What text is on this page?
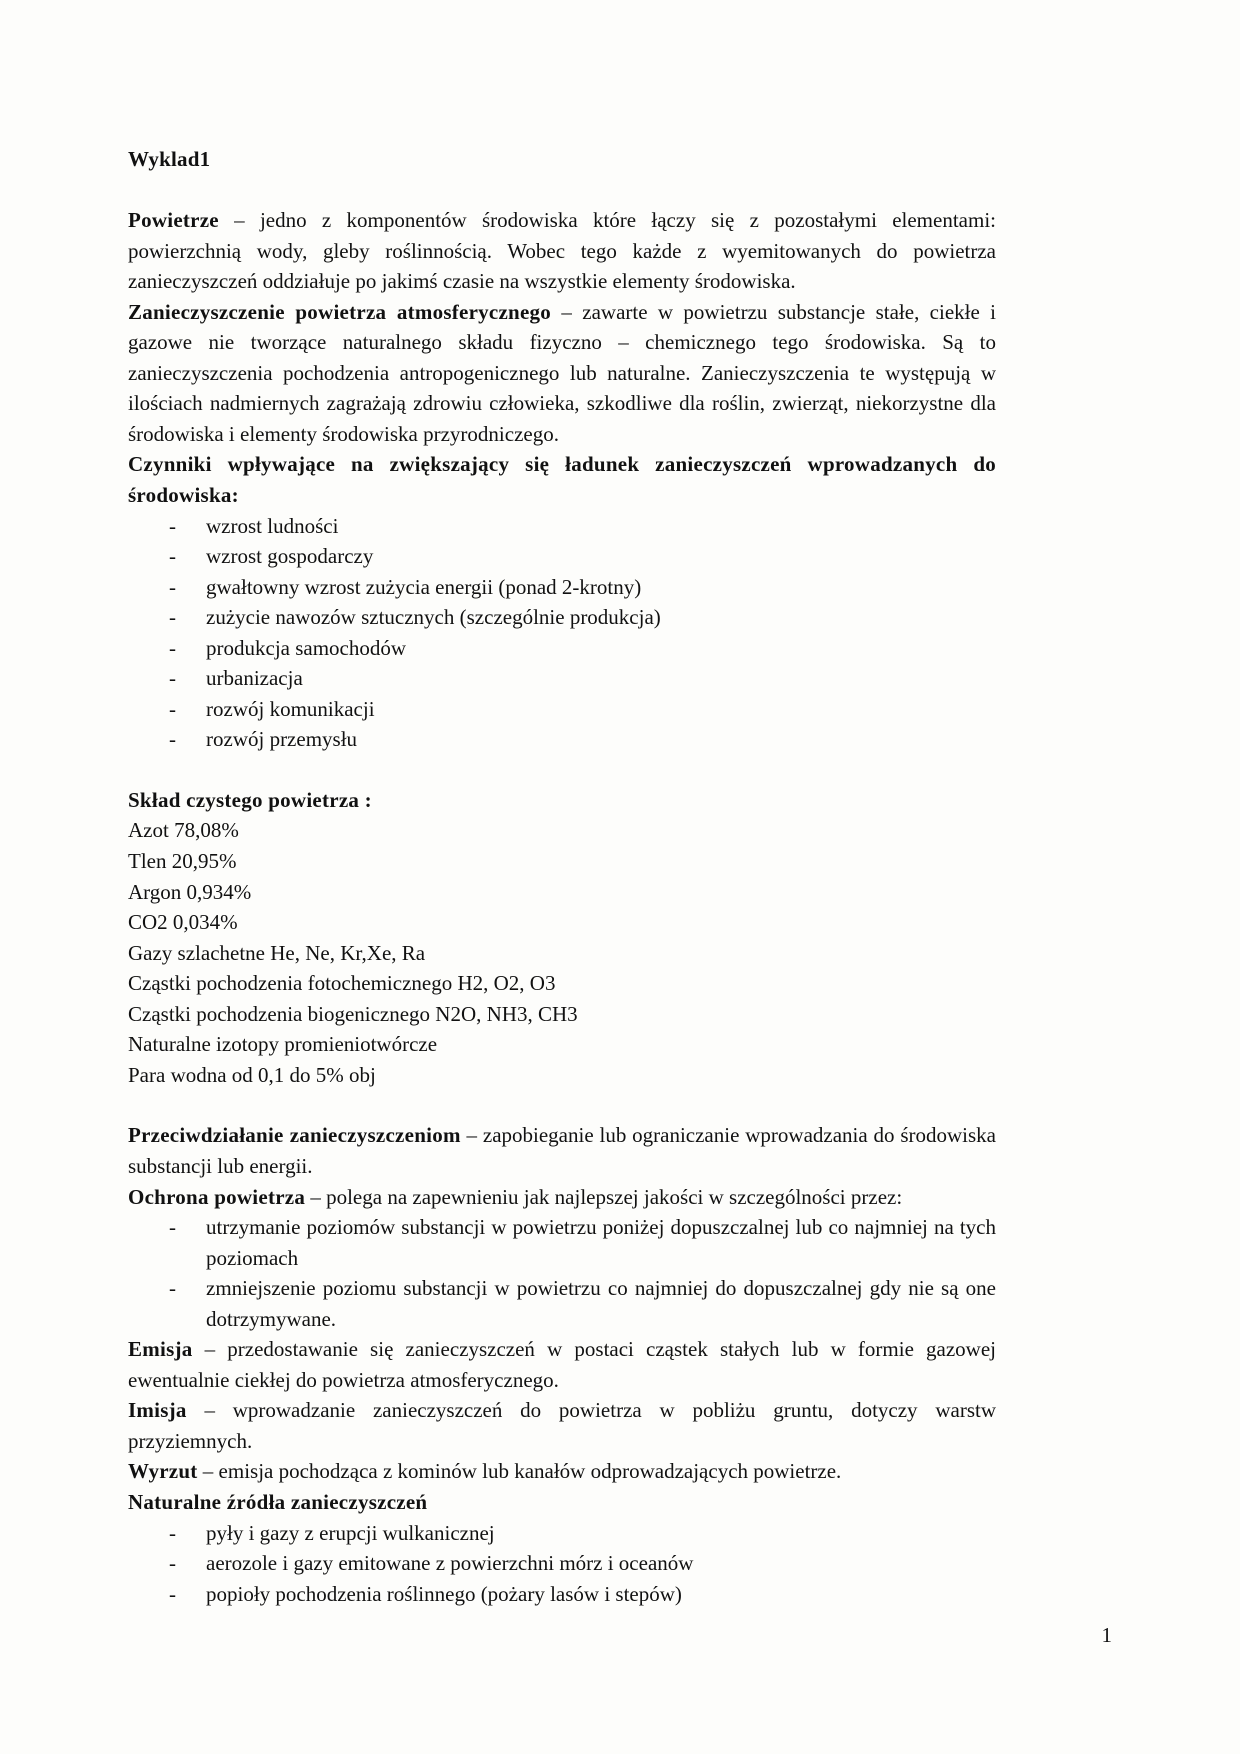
Wyklad1

Powietrze – jedno z komponentów środowiska które łączy się z pozostałymi elementami: powierzchnią wody, gleby roślinnością. Wobec tego każde z wyemitowanych do powietrza zanieczyszczeń oddziałuje po jakimś czasie na wszystkie elementy środowiska.

Zanieczyszczenie powietrza atmosferycznego – zawarte w powietrzu substancje stałe, ciekłe i gazowe nie tworzące naturalnego składu fizyczno – chemicznego tego środowiska. Są to zanieczyszczenia pochodzenia antropogenicznego lub naturalne. Zanieczyszczenia te występują w ilościach nadmiernych zagrażają zdrowiu człowieka, szkodliwe dla roślin, zwierząt, niekorzystne dla środowiska i elementy środowiska przyrodniczego.

Czynniki wpływające na zwiększający się ładunek zanieczyszczeń wprowadzanych do środowiska:

- wzrost ludności
- wzrost gospodarczy
- gwałtowny wzrost zużycia energii (ponad 2-krotny)
- zużycie nawozów sztucznych (szczególnie produkcja)
- produkcja samochodów
- urbanizacja
- rozwój komunikacji
- rozwój przemysłu

Skład czystego powietrza :

Azot 78,08%

Tlen 20,95%

Argon 0,934%

CO2 0,034%

Gazy szlachetne He, Ne, Kr,Xe, Ra

Cząstki pochodzenia fotochemicznego H2, O2, O3

Cząstki pochodzenia biogenicznego N2O, NH3, CH3

Naturalne izotopy promieniotwórcze

Para wodna od 0,1 do 5% obj

Przeciwdziałanie zanieczyszczeniom – zapobieganie lub ograniczanie wprowadzania do środowiska substancji lub energii.

Ochrona powietrza – polega na zapewnieniu jak najlepszej jakości w szczególności przez:

- utrzymanie poziomów substancji w powietrzu poniżej dopuszczalnej lub co najmniej na tych poziomach
- zmniejszenie poziomu substancji w powietrzu co najmniej do dopuszczalnej gdy nie są one dotrzymywane.

Emisja – przedostawanie się zanieczyszczeń w postaci cząstek stałych lub w formie gazowej ewentualnie ciekłej do powietrza atmosferycznego.

Imisja – wprowadzanie zanieczyszczeń do powietrza w pobliżu gruntu, dotyczy warstw przyziemnych.

Wyrzut – emisja pochodząca z kominów lub kanałów odprowadzających powietrze.

Naturalne źródła zanieczyszczeń

- pyły i gazy z erupcji wulkanicznej
- aerozole i gazy emitowane z powierzchni mórz i oceanów
- popioły pochodzenia roślinnego (pożary lasów i stepów)
1
